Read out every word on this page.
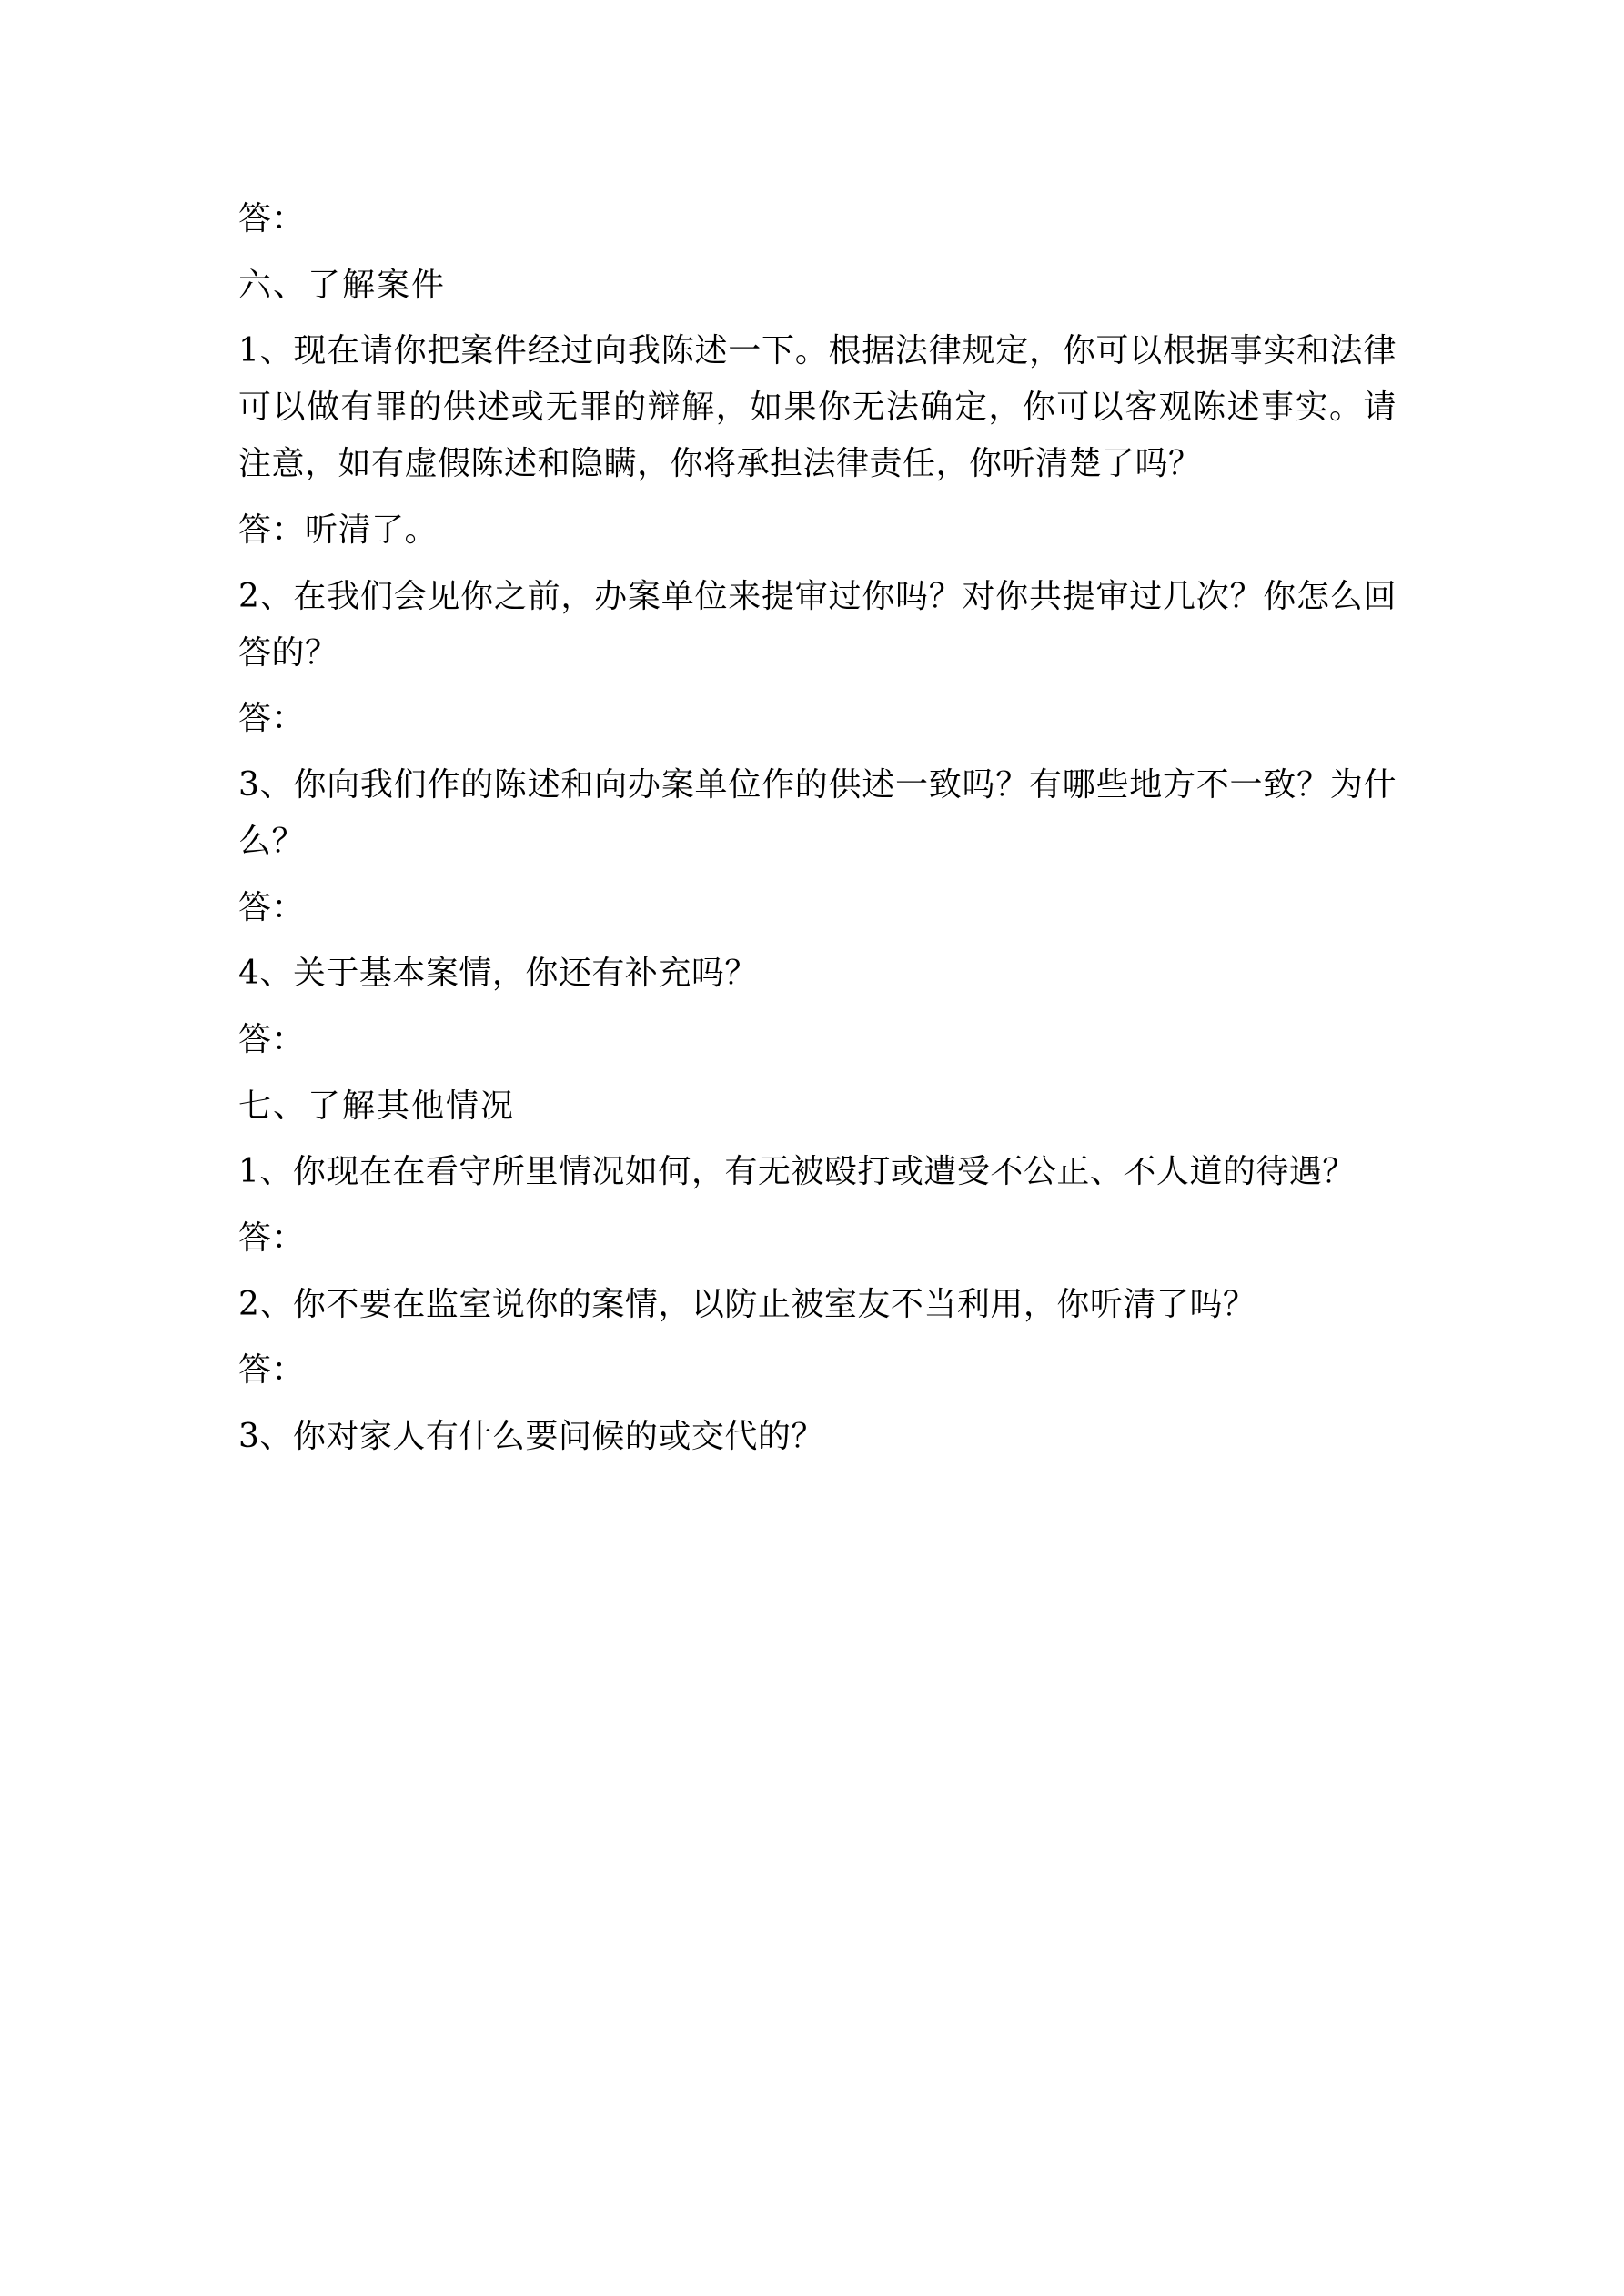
答：

六、了解案件

1、现在请你把案件经过向我陈述一下。根据法律规定，你可以根据事实和法律可以做有罪的供述或无罪的辩解，如果你无法确定，你可以客观陈述事实。请注意，如有虚假陈述和隐瞒，你将承担法律责任，你听清楚了吗？

答：听清了。

2、在我们会见你之前，办案单位来提审过你吗？对你共提审过几次？你怎么回答的？

答：

3、你向我们作的陈述和向办案单位作的供述一致吗？有哪些地方不一致？为什么？

答：

4、关于基本案情，你还有补充吗？

答：

七、了解其他情况

1、你现在在看守所里情况如何，有无被殴打或遭受不公正、不人道的待遇？

答：

2、你不要在监室说你的案情，以防止被室友不当利用，你听清了吗？

答：

3、你对家人有什么要问候的或交代的？
